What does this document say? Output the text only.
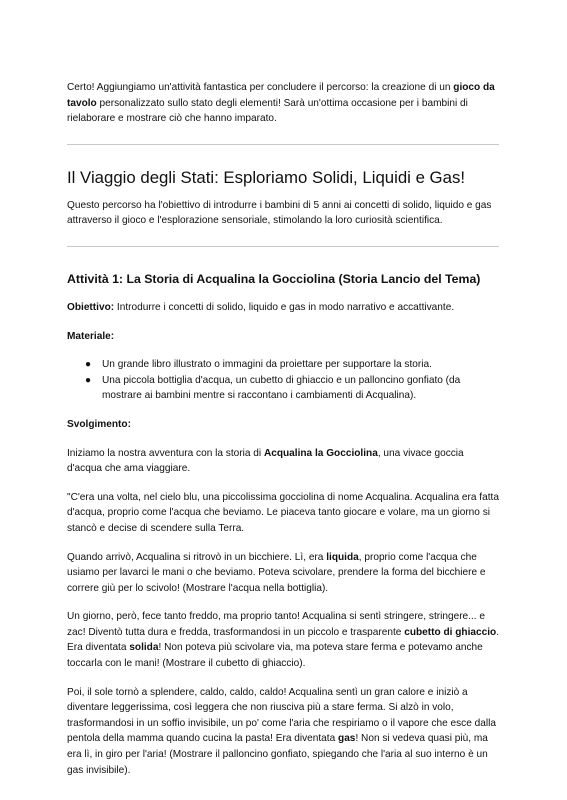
Certo! Aggiungiamo un'attività fantastica per concludere il percorso: la creazione di un gioco da tavolo personalizzato sullo stato degli elementi! Sarà un'ottima occasione per i bambini di rielaborare e mostrare ciò che hanno imparato.

Il Viaggio degli Stati: Esploriamo Solidi, Liquidi e Gas!

Questo percorso ha l'obiettivo di introdurre i bambini di 5 anni ai concetti di solido, liquido e gas attraverso il gioco e l'esplorazione sensoriale, stimolando la loro curiosità scientifica.

Attività 1: La Storia di Acqualina la Gocciolina (Storia Lancio del Tema)

Obiettivo: Introdurre i concetti di solido, liquido e gas in modo narrativo e accattivante.

Materiale:

● Un grande libro illustrato o immagini da proiettare per supportare la storia.
● Una piccola bottiglia d'acqua, un cubetto di ghiaccio e un palloncino gonfiato (da mostrare ai bambini mentre si raccontano i cambiamenti di Acqualina).

Svolgimento:

Iniziamo la nostra avventura con la storia di Acqualina la Gocciolina, una vivace goccia d'acqua che ama viaggiare.

"C'era una volta, nel cielo blu, una piccolissima gocciolina di nome Acqualina. Acqualina era fatta d'acqua, proprio come l'acqua che beviamo. Le piaceva tanto giocare e volare, ma un giorno si stancò e decise di scendere sulla Terra.

Quando arrivò, Acqualina si ritrovò in un bicchiere. Lì, era liquida, proprio come l'acqua che usiamo per lavarci le mani o che beviamo. Poteva scivolare, prendere la forma del bicchiere e correre giù per lo scivolo! (Mostrare l'acqua nella bottiglia).

Un giorno, però, fece tanto freddo, ma proprio tanto! Acqualina si sentì stringere, stringere... e zac! Diventò tutta dura e fredda, trasformandosi in un piccolo e trasparente cubetto di ghiaccio. Era diventata solida! Non poteva più scivolare via, ma poteva stare ferma e potevamo anche toccarla con le mani! (Mostrare il cubetto di ghiaccio).

Poi, il sole tornò a splendere, caldo, caldo, caldo! Acqualina sentì un gran calore e iniziò a diventare leggerissima, così leggera che non riusciva più a stare ferma. Si alzò in volo, trasformandosi in un soffio invisibile, un po' come l'aria che respiriamo o il vapore che esce dalla pentola della mamma quando cucina la pasta! Era diventata gas! Non si vedeva quasi più, ma era lì, in giro per l'aria! (Mostrare il palloncino gonfiato, spiegando che l'aria al suo interno è un gas invisibile).
